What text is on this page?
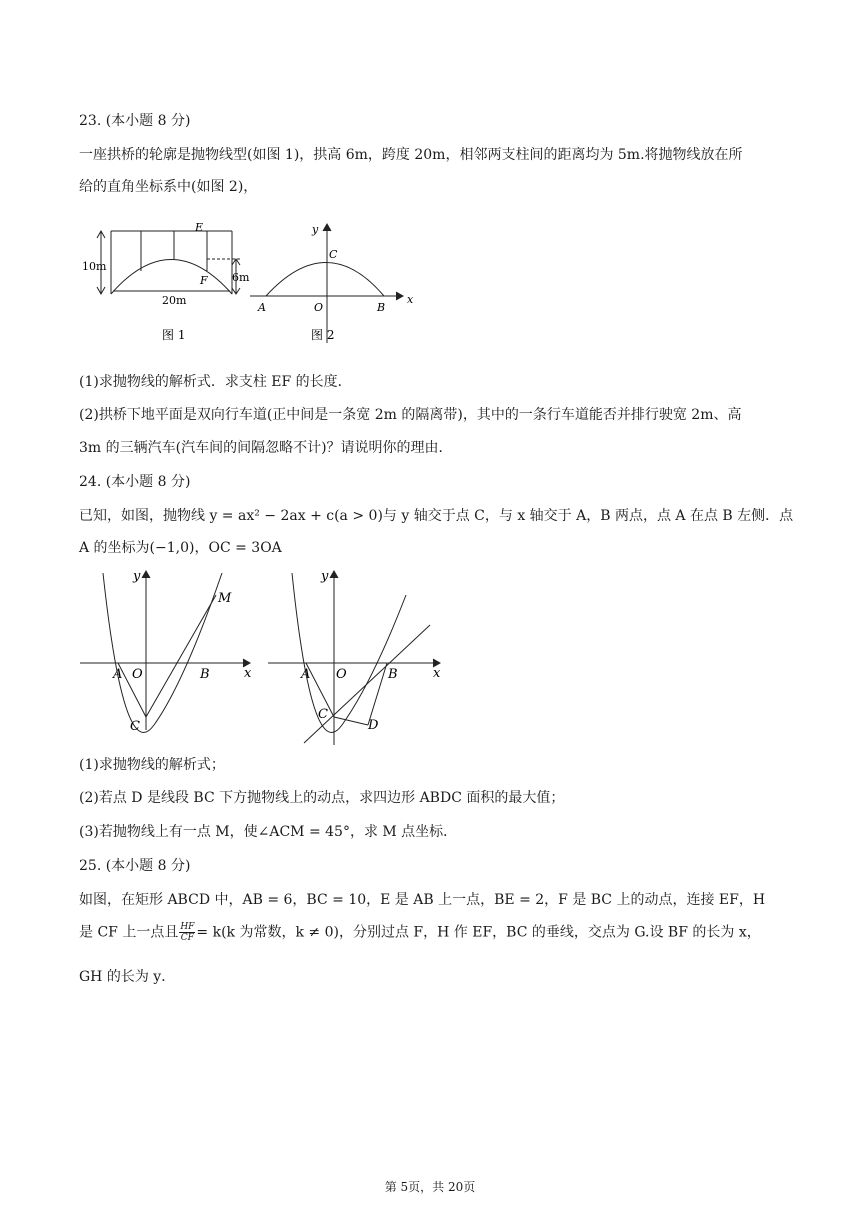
23. (本小题 8 分)
一座拱桥的轮廓是抛物线型(如图 1)，拱高 6m，跨度 20m，相邻两支柱间的距离均为 5m.将抛物线放在所
给的直角坐标系中(如图 2)，
E
F
10m
6m
20m
图 1
y
x
C
A	O	B
图 2
(1)求抛物线的解析式．求支柱 EF 的长度．
(2)拱桥下地平面是双向行车道(正中间是一条宽 2m 的隔离带)，其中的一条行车道能否并排行驶宽 2m、高
3m 的三辆汽车(汽车间的间隔忽略不计)？请说明你的理由．
24. (本小题 8 分)
已知，如图，抛物线 y = ax² − 2ax + c(a > 0)与 y 轴交于点 C，与 x 轴交于 A，B 两点，点 A 在点 B 左侧．点
A 的坐标为(−1,0)，OC = 3OA
y
x
A O	B
C
M
y
x
A O	B
C
D
(1)求抛物线的解析式；
(2)若点 D 是线段 BC 下方抛物线上的动点，求四边形 ABDC 面积的最大值；
(3)若抛物线上有一点 M，使∠ACM = 45°，求 M 点坐标．
25. (本小题 8 分)
如图，在矩形 ABCD 中，AB = 6，BC = 10，E 是 AB 上一点，BE = 2，F 是 BC 上的动点，连接 EF，H
是 CF 上一点且 $\frac{HF}{CF} = k(k$ 为常数，k ≠ 0)，分别过点 F，H 作 EF，BC 的垂线，交点为 G.设 BF 的长为 x，
GH 的长为 y．
第 5页，共 20页
